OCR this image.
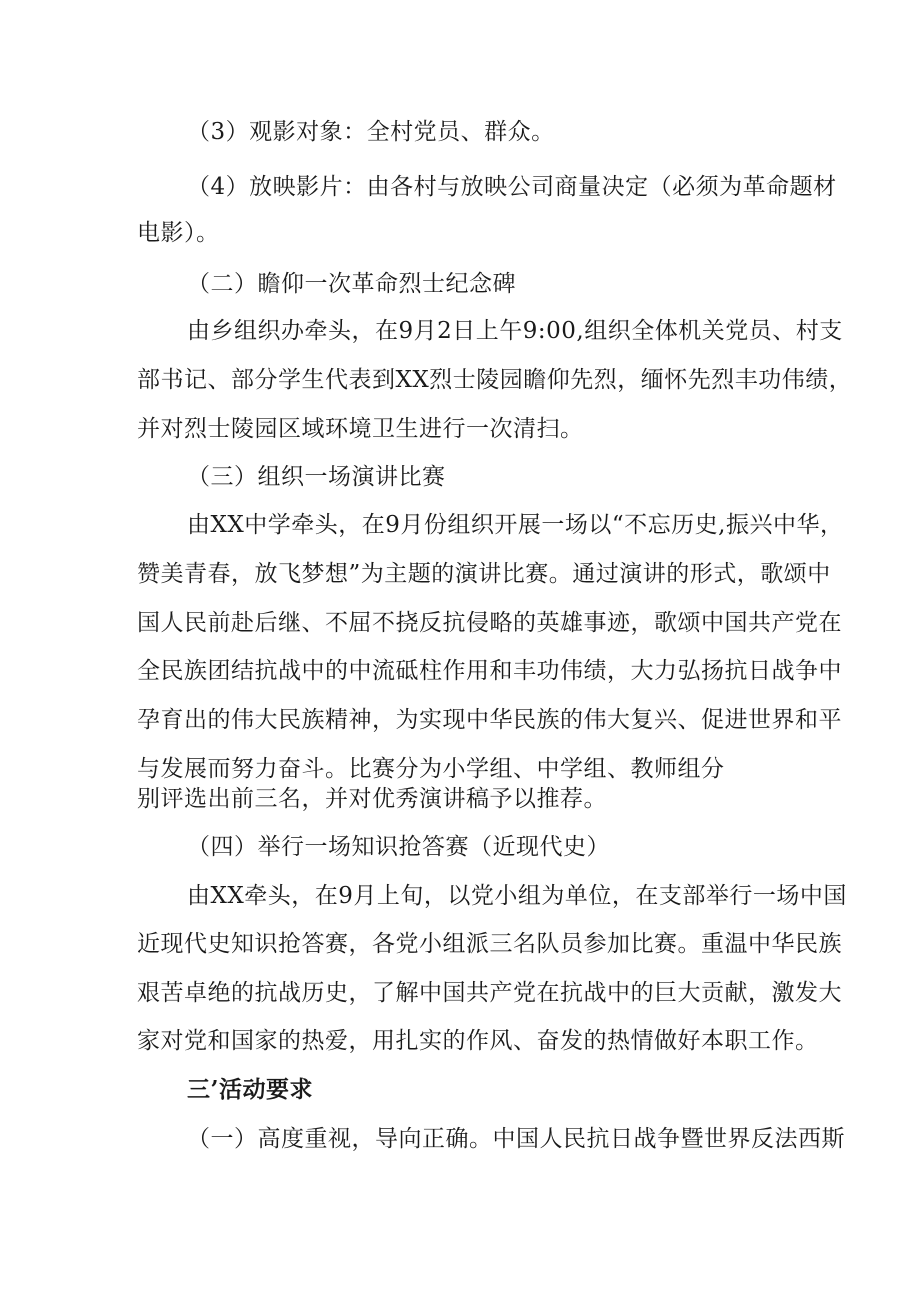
（3）观影对象：全村党员、群众。
（4）放映影片：由各村与放映公司商量决定（必须为革命题材
电影）。
（二）瞻仰一次革命烈士纪念碑
由乡组织办牵头，在9月2日上午9:00,组织全体机关党员、村支
部书记、部分学生代表到XX烈士陵园瞻仰先烈，缅怀先烈丰功伟绩，
并对烈士陵园区域环境卫生进行一次清扫。
（三）组织一场演讲比赛
由XX中学牵头，在9月份组织开展一场以“不忘历史,振兴中华，
赞美青春，放飞梦想”为主题的演讲比赛。通过演讲的形式，歌颂中
国人民前赴后继、不屈不挠反抗侵略的英雄事迹，歌颂中国共产党在
全民族团结抗战中的中流砥柱作用和丰功伟绩，大力弘扬抗日战争中
孕育出的伟大民族精神，为实现中华民族的伟大复兴、促进世界和平
与发展而努力奋斗。比赛分为小学组、中学组、教师组分
别评选出前三名，并对优秀演讲稿予以推荐。
（四）举行一场知识抢答赛（近现代史）
由XX牵头，在9月上旬，以党小组为单位，在支部举行一场中国
近现代史知识抢答赛，各党小组派三名队员参加比赛。重温中华民族
艰苦卓绝的抗战历史，了解中国共产党在抗战中的巨大贡献，激发大
家对党和国家的热爱，用扎实的作风、奋发的热情做好本职工作。
三’活动要求
（一）高度重视，导向正确。中国人民抗日战争暨世界反法西斯
